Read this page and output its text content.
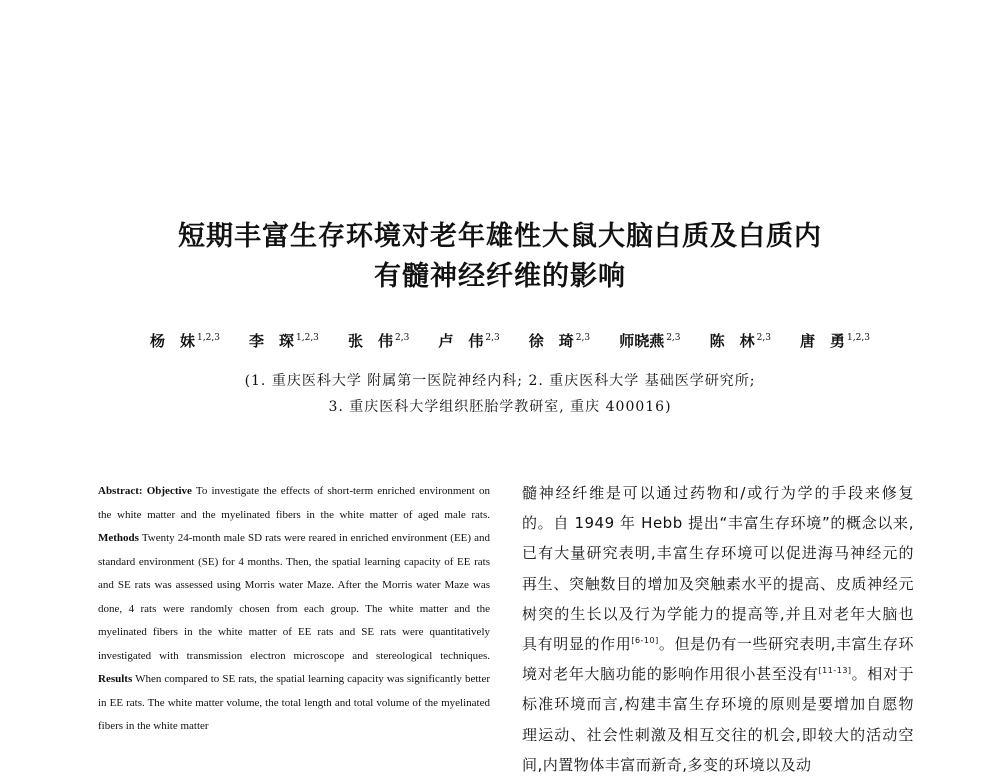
短期丰富生存环境对老年雄性大鼠大脑白质及白质内
有髓神经纤维的影响
杨　妹 $^{1,2,3}$ 李　琛 $^{1,2,3}$ 张　伟 $^{2,3}$ 卢　伟 $^{2,3}$ 徐　琦 $^{2,3}$ 师晓燕 $^{2,3}$ 陈　林 $^{2,3}$ 唐　勇 $^{1,2,3}$
(1. 重庆医科大学 附属第一医院神经内科; 2. 重庆医科大学 基础医学研究所;
3. 重庆医科大学组织胚胎学教研室, 重庆 400016)
Abstract: Objective To investigate the effects of short-term enriched environment on the white matter and the myelinated fibers in the white matter of aged male rats. Methods Twenty 24-month male SD rats were reared in enriched environment (EE) and standard environment (SE) for 4 months. Then, the spatial learning capacity of EE rats and SE rats was assessed using Morris water Maze. After the Morris water Maze was done, 4 rats were randomly chosen from each group. The white matter and the myelinated fibers in the white matter of EE rats and SE rats were quantitatively investigated with transmission electron microscope and stereological techniques. Results When compared to SE rats, the spatial learning capacity was significantly better in EE rats. The white matter volume, the total length and total volume of the myelinated fibers in the white matter
髓神经纤维是可以通过药物和/或行为学的手段来修复的。自 1949 年 Hebb 提出“丰富生存环境”的概念以来,已有大量研究表明,丰富生存环境可以促进海马神经元的再生、突触数目的增加及突触素水平的提高、皮质神经元树突的生长以及行为学能力的提高等,并且对老年大脑也具有明显的作用[6-10]。但是仍有一些研究表明,丰富生存环境对老年大脑功能的影响作用很小甚至没有[11-13]。相对于标准环境而言,构建丰富生存环境的原则是要增加自愿物理运动、社会性刺激及相互交往的机会,即较大的活动空间,内置物体丰富而新奇,多变的环境以及动
